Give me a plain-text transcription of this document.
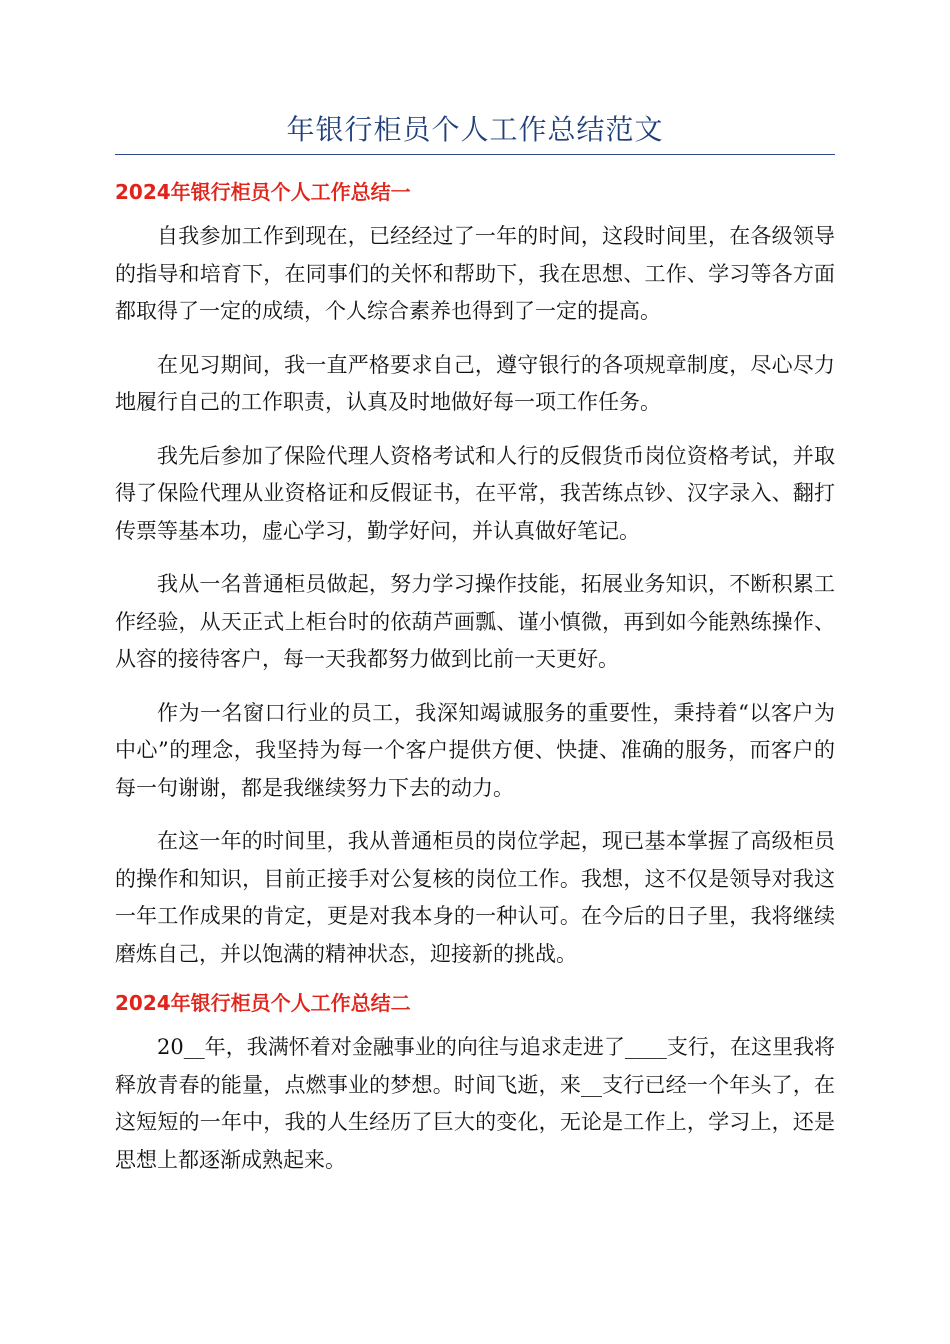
年银行柜员个人工作总结范文
2024年银行柜员个人工作总结一

自我参加工作到现在，已经经过了一年的时间，这段时间里，在各级领导的指导和培育下，在同事们的关怀和帮助下，我在思想、工作、学习等各方面都取得了一定的成绩，个人综合素养也得到了一定的提高。

在见习期间，我一直严格要求自己，遵守银行的各项规章制度，尽心尽力地履行自己的工作职责，认真及时地做好每一项工作任务。

我先后参加了保险代理人资格考试和人行的反假货币岗位资格考试，并取得了保险代理从业资格证和反假证书，在平常，我苦练点钞、汉字录入、翻打传票等基本功，虚心学习，勤学好问，并认真做好笔记。

我从一名普通柜员做起，努力学习操作技能，拓展业务知识，不断积累工作经验，从天正式上柜台时的依葫芦画瓢、谨小慎微，再到如今能熟练操作、从容的接待客户，每一天我都努力做到比前一天更好。

作为一名窗口行业的员工，我深知竭诚服务的重要性，秉持着“以客户为中心”的理念，我坚持为每一个客户提供方便、快捷、准确的服务，而客户的每一句谢谢，都是我继续努力下去的动力。

在这一年的时间里，我从普通柜员的岗位学起，现已基本掌握了高级柜员的操作和知识，目前正接手对公复核的岗位工作。我想，这不仅是领导对我这一年工作成果的肯定，更是对我本身的一种认可。在今后的日子里，我将继续磨炼自己，并以饱满的精神状态，迎接新的挑战。

2024年银行柜员个人工作总结二

20__年，我满怀着对金融事业的向往与追求走进了____支行，在这里我将释放青春的能量，点燃事业的梦想。时间飞逝，来__支行已经一个年头了，在这短短的一年中，我的人生经历了巨大的变化，无论是工作上，学习上，还是思想上都逐渐成熟起来。
